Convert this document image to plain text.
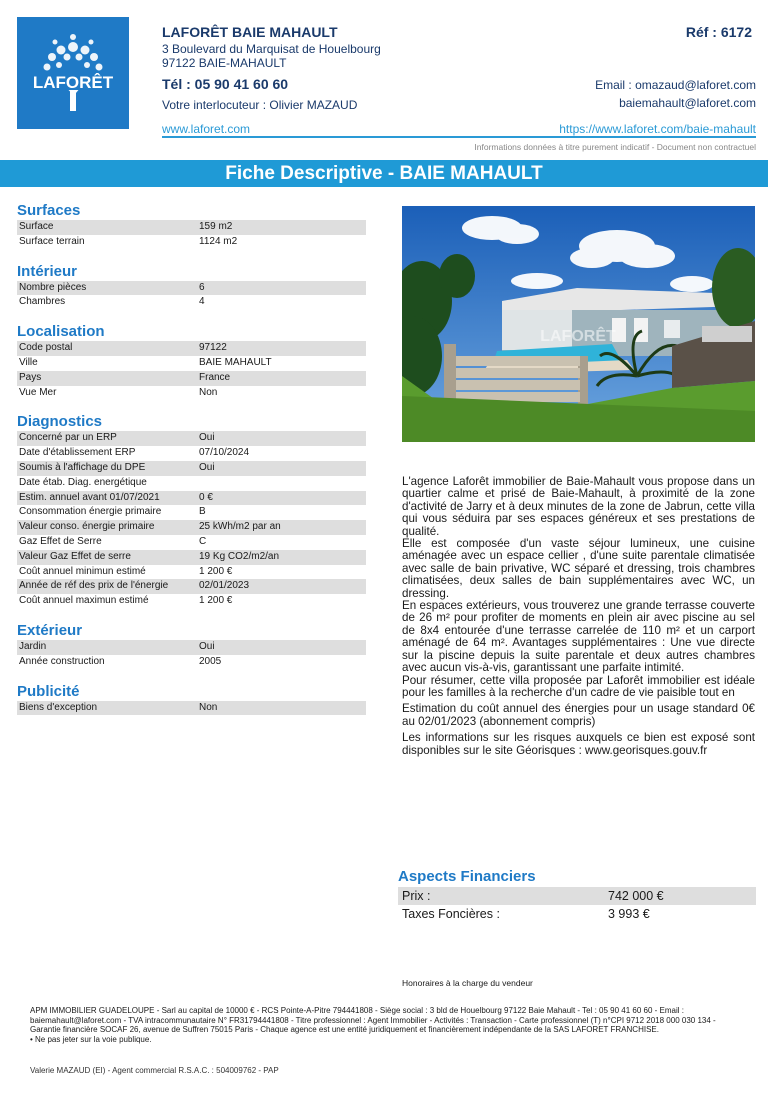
LAFORÊT
LAFORÊT BAIE MAHAULT	Réf : 6172
3 Boulevard du Marquisat de Houelbourg
97122 BAIE-MAHAULT
Tél : 05 90 41 60 60	Email : omazaud@laforet.com
Votre interlocuteur : Olivier MAZAUD	baiemahault@laforet.com
www.laforet.com	https://www.laforet.com/baie-mahault
Informations données à titre purement indicatif - Document non contractuel
Fiche Descriptive - BAIE MAHAULT
Surfaces
Surface	159 m2
Surface terrain	1124 m2
Intérieur
Nombre pièces	6
Chambres	4
Localisation
Code postal	97122
Ville	BAIE MAHAULT
Pays	France
Vue Mer	Non
Diagnostics
Concerné par un ERP	Oui
Date d'établissement ERP	07/10/2024
Soumis à l'affichage du DPE	Oui
Date étab. Diag. energétique
Estim. annuel avant 01/07/2021	0 €
Consommation énergie primaire	B
Valeur conso. énergie primaire	25 kWh/m2 par an
Gaz Effet de Serre	C
Valeur Gaz Effet de serre	19 Kg CO2/m2/an
Coût annuel minimun estimé	1 200 €
Année de réf des prix de l'énergie	02/01/2023
Coût annuel maximun estimé	1 200 €
Extérieur
Jardin	Oui
Année construction	2005
Publicité
Biens d'exception	Non
LAFORÊT

L'agence Laforêt immobilier de Baie-Mahault vous propose dans un quartier calme et prisé de Baie-Mahault, à proximité de la zone d'activité de Jarry et à deux minutes de la zone de Jabrun, cette villa qui vous séduira par ses espaces généreux et ses prestations de qualité.

Elle est composée d'un vaste séjour lumineux, une cuisine aménagée avec un espace cellier , d'une suite parentale climatisée avec salle de bain privative, WC séparé et dressing, trois chambres climatisées, deux salles de bain supplémentaires avec WC, un dressing.

En espaces extérieurs, vous trouverez une grande terrasse couverte de 26 m² pour profiter de moments en plein air avec piscine au sel de 8x4 entourée d'une terrasse carrelée de 110 m² et un carport aménagé de 64 m². Avantages supplémentaires : Une vue directe sur la piscine depuis la suite parentale et deux autres chambres avec aucun vis-à-vis, garantissant une parfaite intimité.

Pour résumer, cette villa proposée par Laforêt immobilier est idéale pour les familles à la recherche d'un cadre de vie paisible tout en

Estimation du coût annuel des énergies pour un usage standard 0€ au 02/01/2023 (abonnement compris)

Les informations sur les risques auxquels ce bien est exposé sont disponibles sur le site Géorisques : www.georisques.gouv.fr

Aspects Financiers
Prix :	742 000 €
Taxes Foncières :	3 993 €
Honoraires à la charge du vendeur
APM IMMOBILIER GUADELOUPE - Sarl au capital de 10000 € - RCS Pointe-A-Pitre 794441808 - Siège social : 3 bld de Houelbourg 97122 Baie Mahault - Tel : 05 90 41 60 60 - Email : baiemahault@laforet.com - TVA intracommunautaire N° FR31794441808 - Titre professionnel : Agent Immobilier - Activités : Transaction - Carte professionnel (T) n°CPI 9712 2018 000 030 134 - Garantie financière SOCAF 26, avenue de Suffren 75015 Paris - Chaque agence est une entité juridiquement et financièrement indépendante de la SAS LAFORET FRANCHISE.
• Ne pas jeter sur la voie publique.
Valerie MAZAUD (EI) - Agent commercial R.S.A.C. : 504009762 - PAP
